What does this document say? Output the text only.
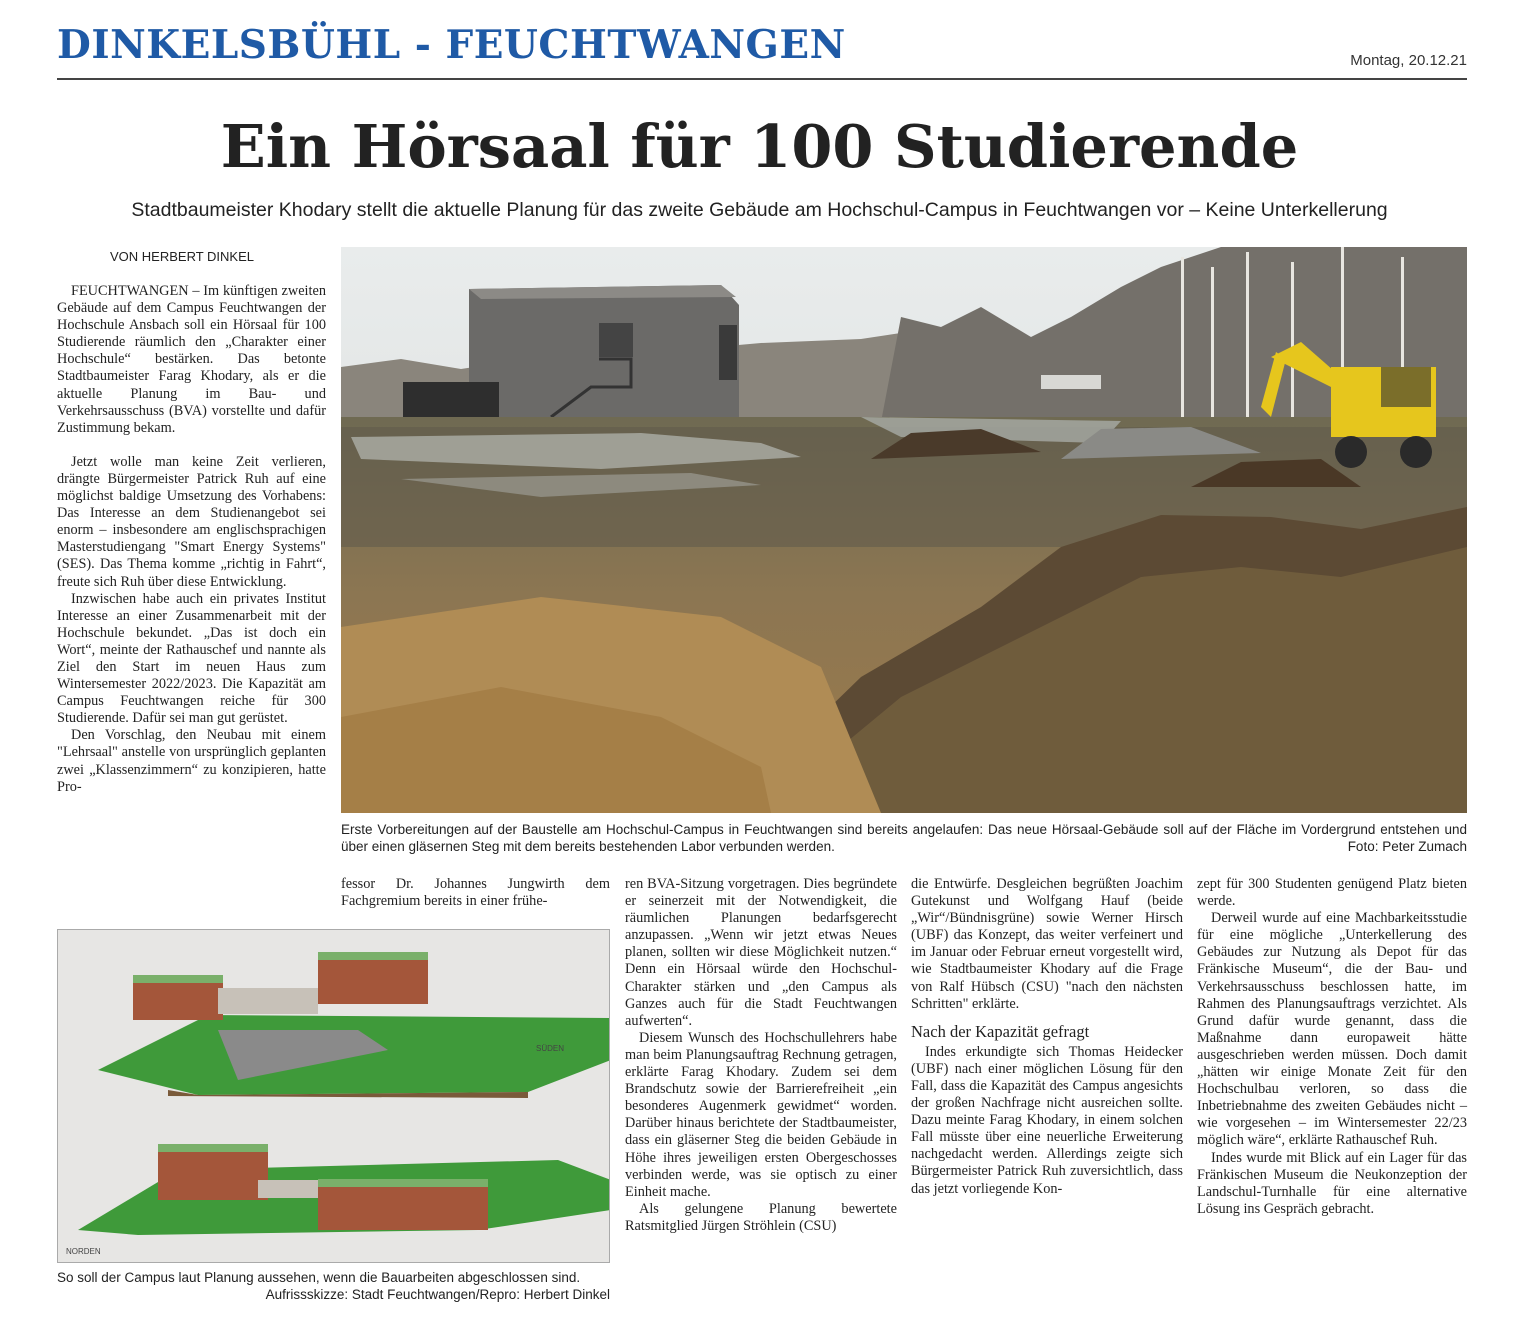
DINKELSBÜHL - FEUCHTWANGEN	Montag, 20.12.21
Ein Hörsaal für 100 Studierende
Stadtbaumeister Khodary stellt die aktuelle Planung für das zweite Gebäude am Hochschul-Campus in Feuchtwangen vor – Keine Unterkellerung
VON HERBERT DINKEL

FEUCHTWANGEN – Im künftigen zweiten Gebäude auf dem Campus Feuchtwangen der Hochschule Ansbach soll ein Hörsaal für 100 Studierende räumlich den „Charakter einer Hochschule“ bestärken. Das betonte Stadtbaumeister Farag Khodary, als er die aktuelle Planung im Bau- und Verkehrsausschuss (BVA) vorstellte und dafür Zustimmung bekam.

Jetzt wolle man keine Zeit verlieren, drängte Bürgermeister Patrick Ruh auf eine möglichst baldige Umsetzung des Vorhabens: Das Interesse an dem Studienangebot sei enorm – insbesondere am englischsprachigen Masterstudiengang "Smart Energy Systems" (SES). Das Thema komme „richtig in Fahrt“, freute sich Ruh über diese Entwicklung.

Inzwischen habe auch ein privates Institut Interesse an einer Zusammenarbeit mit der Hochschule bekundet. „Das ist doch ein Wort“, meinte der Rathauschef und nannte als Ziel den Start im neuen Haus zum Wintersemester 2022/2023. Die Kapazität am Campus Feuchtwangen reiche für 300 Studierende. Dafür sei man gut gerüstet.

Den Vorschlag, den Neubau mit einem "Lehrsaal" anstelle von ursprünglich geplanten zwei „Klassenzimmern“ zu konzipieren, hatte Pro-

Erste Vorbereitungen auf der Baustelle am Hochschul-Campus in Feuchtwangen sind bereits angelaufen: Das neue Hörsaal-Gebäude soll auf der Fläche im Vordergrund entstehen und über einen gläsernen Steg mit dem bereits bestehenden Labor verbunden werden.	Foto: Peter Zumach

fessor Dr. Johannes Jungwirth dem Fachgremium bereits in einer frühe-

SÜDEN
NORDEN
So soll der Campus laut Planung aussehen, wenn die Bauarbeiten abgeschlossen sind.
Aufrissskizze: Stadt Feuchtwangen/Repro: Herbert Dinkel

ren BVA-Sitzung vorgetragen. Dies begründete er seinerzeit mit der Notwendigkeit, die räumlichen Planungen bedarfsgerecht anzupassen. „Wenn wir jetzt etwas Neues planen, sollten wir diese Möglichkeit nutzen.“ Denn ein Hörsaal würde den Hochschul-Charakter stärken und „den Campus als Ganzes auch für die Stadt Feuchtwangen aufwerten“.

Diesem Wunsch des Hochschullehrers habe man beim Planungsauftrag Rechnung getragen, erklärte Farag Khodary. Zudem sei dem Brandschutz sowie der Barrierefreiheit „ein besonderes Augenmerk gewidmet“ worden. Darüber hinaus berichtete der Stadtbaumeister, dass ein gläserner Steg die beiden Gebäude in Höhe ihres jeweiligen ersten Obergeschosses verbinden werde, was sie optisch zu einer Einheit mache.

Als gelungene Planung bewertete Ratsmitglied Jürgen Ströhlein (CSU)

die Entwürfe. Desgleichen begrüßten Joachim Gutekunst und Wolfgang Hauf (beide „Wir“/Bündnisgrüne) sowie Werner Hirsch (UBF) das Konzept, das weiter verfeinert und im Januar oder Februar erneut vorgestellt wird, wie Stadtbaumeister Khodary auf die Frage von Ralf Hübsch (CSU) "nach den nächsten Schritten" erklärte.

Nach der Kapazität gefragt

Indes erkundigte sich Thomas Heidecker (UBF) nach einer möglichen Lösung für den Fall, dass die Kapazität des Campus angesichts der großen Nachfrage nicht ausreichen sollte. Dazu meinte Farag Khodary, in einem solchen Fall müsste über eine neuerliche Erweiterung nachgedacht werden. Allerdings zeigte sich Bürgermeister Patrick Ruh zuversichtlich, dass das jetzt vorliegende Kon-

zept für 300 Studenten genügend Platz bieten werde.

Derweil wurde auf eine Machbarkeitsstudie für eine mögliche „Unterkellerung des Gebäudes zur Nutzung als Depot für das Fränkische Museum“, die der Bau- und Verkehrsausschuss beschlossen hatte, im Rahmen des Planungsauftrags verzichtet. Als Grund dafür wurde genannt, dass die Maßnahme dann europaweit hätte ausgeschrieben werden müssen. Doch damit „hätten wir einige Monate Zeit für den Hochschulbau verloren, so dass die Inbetriebnahme des zweiten Gebäudes nicht – wie vorgesehen – im Wintersemester 22/23 möglich wäre“, erklärte Rathauschef Ruh.

Indes wurde mit Blick auf ein Lager für das Fränkischen Museum die Neukonzeption der Landschul-Turnhalle für eine alternative Lösung ins Gespräch gebracht.
